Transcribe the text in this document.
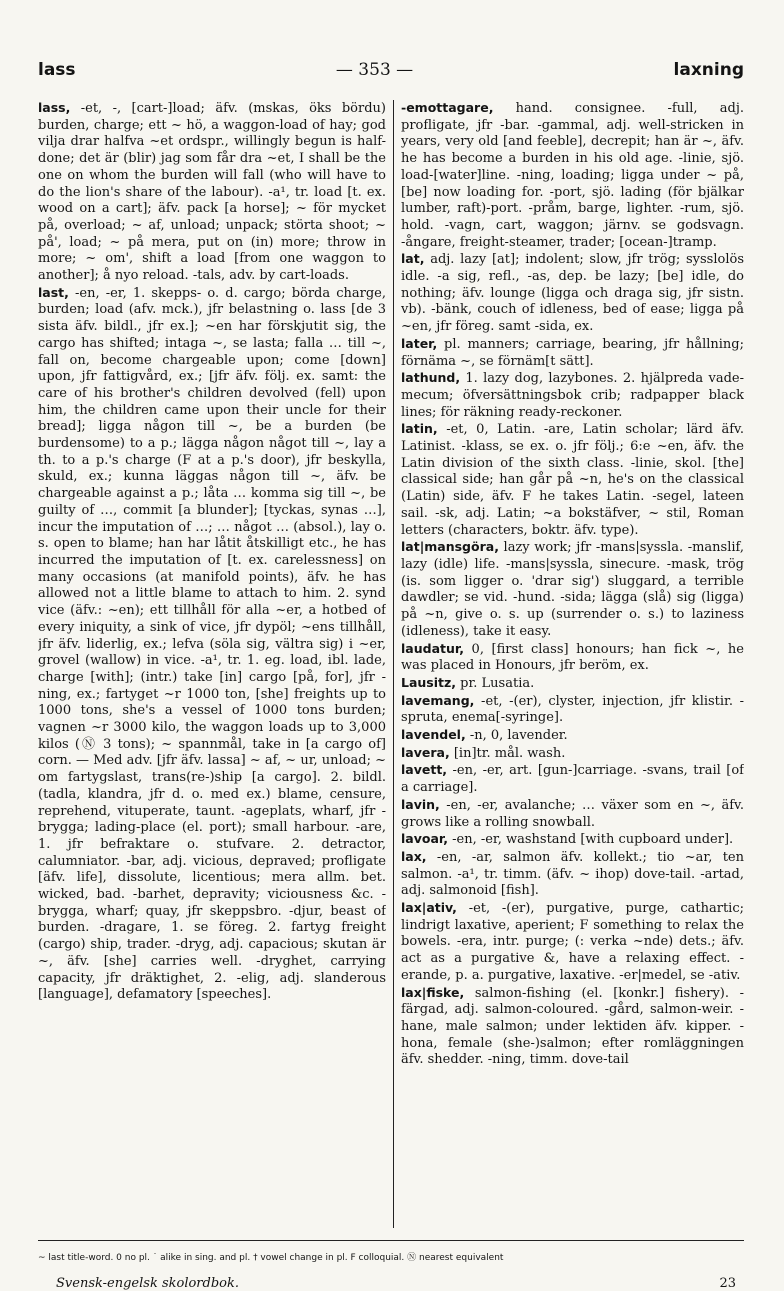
lass	— 353 —	laxning

lass, -et, -, [cart-]load; äfv. (mskas, öks bördu) burden, charge; ett ~ hö, a waggon-load of hay; god vilja drar halfva ~et ordspr., willingly begun is half-done; det är (blir) jag som får dra ~et, I shall be the one on whom the burden will fall (who will have to do the lion's share of the labour). -a¹, tr. load [t. ex. wood on a cart]; äfv. pack [a horse]; ~ för mycket på, overload; ~ af, unload; unpack; störta shoot; ~ på', load; ~ på mera, put on (in) more; throw in more; ~ om', shift a load [from one waggon to another]; å nyo reload. -tals, adv. by cart-loads.

last, -en, -er, 1. skepps- o. d. cargo; börda charge, burden; load (afv. mck.), jfr belastning o. lass [de 3 sista äfv. bildl., jfr ex.]; ~en har förskjutit sig, the cargo has shifted; intaga ~, se lasta; falla … till ~, fall on, become chargeable upon; come [down] upon, jfr fattigvård, ex.; [jfr äfv. följ. ex. samt: the care of his brother's children devolved (fell) upon him, the children came upon their uncle for their bread]; ligga någon till ~, be a burden (be burdensome) to a p.; lägga någon något till ~, lay a th. to a p.'s charge (F at a p.'s door), jfr beskylla, skuld, ex.; kunna läggas någon till ~, äfv. be chargeable against a p.; låta … komma sig till ~, be guilty of …, commit [a blunder]; [tyckas, synas …], incur the imputation of …; … något … (absol.), lay o. s. open to blame; han har låtit åtskilligt etc., he has incurred the imputation of [t. ex. carelessness] on many occasions (at manifold points), äfv. he has allowed not a little blame to attach to him. 2. synd vice (äfv.: ~en); ett tillhåll för alla ~er, a hotbed of every iniquity, a sink of vice, jfr dypöl; ~ens tillhåll, jfr äfv. liderlig, ex.; lefva (söla sig, vältra sig) i ~er, grovel (wallow) in vice. -a¹, tr. 1. eg. load, ibl. lade, charge [with]; (intr.) take [in] cargo [på, for], jfr -ning, ex.; fartyget ~r 1000 ton, [she] freights up to 1000 tons, she's a vessel of 1000 tons burden; vagnen ~r 3000 kilo, the waggon loads up to 3,000 kilos (Ⓝ 3 tons); ~ spannmål, take in [a cargo of] corn. — Med adv. [jfr äfv. lassa] ~ af, ~ ur, unload; ~ om fartygslast, trans(re-)ship [a cargo]. 2. bildl. (tadla, klandra, jfr d. o. med ex.) blame, censure, reprehend, vituperate, taunt. -ageplats, wharf, jfr -brygga; lading-place (el. port); small harbour. -are, 1. jfr befraktare o. stufvare. 2. detractor, calumniator. -bar, adj. vicious, depraved; profligate [äfv. life], dissolute, licentious; mera allm. bet. wicked, bad. -barhet, depravity; viciousness &c. -brygga, wharf; quay, jfr skeppsbro. -djur, beast of burden. -dragare, 1. se föreg. 2. fartyg freight (cargo) ship, trader. -dryg, adj. capacious; skutan är ~, äfv. [she] carries well. -dryghet, carrying capacity, jfr dräktighet, 2. -elig, adj. slanderous [language], defamatory [speeches].

-emottagare, hand. consignee. -full, adj. profligate, jfr -bar. -gammal, adj. well-stricken in years, very old [and feeble], decrepit; han är ~, äfv. he has become a burden in his old age. -linie, sjö. load-[water]line. -ning, loading; ligga under ~ på, [be] now loading for. -port, sjö. lading (för bjälkar lumber, raft)-port. -pråm, barge, lighter. -rum, sjö. hold. -vagn, cart, waggon; järnv. se godsvagn. -ångare, freight-steamer, trader; [ocean-]tramp.

lat, adj. lazy [at]; indolent; slow, jfr trög; sysslolös idle. -a sig, refl., -as, dep. be lazy; [be] idle, do nothing; äfv. lounge (ligga och draga sig, jfr sistn. vb). -bänk, couch of idleness, bed of ease; ligga på ~en, jfr föreg. samt -sida, ex.

later, pl. manners; carriage, bearing, jfr hållning; förnäma ~, se förnäm[t sätt].

lathund, 1. lazy dog, lazybones. 2. hjälpreda vade-mecum; öfversättningsbok crib; radpapper black lines; för räkning ready-reckoner.

latin, -et, 0, Latin. -are, Latin scholar; lärd äfv. Latinist. -klass, se ex. o. jfr följ.; 6:e ~en, äfv. the Latin division of the sixth class. -linie, skol. [the] classical side; han går på ~n, he's on the classical (Latin) side, äfv. F he takes Latin. -segel, lateen sail. -sk, adj. Latin; ~a bokstäfver, ~ stil, Roman letters (characters, boktr. äfv. type).

lat|mansgöra, lazy work; jfr -mans|syssla. -manslif, lazy (idle) life. -mans|syssla, sinecure. -mask, trög (is. som ligger o. 'drar sig') sluggard, a terrible dawdler; se vid. -hund. -sida; lägga (slå) sig (ligga) på ~n, give o. s. up (surrender o. s.) to laziness (idleness), take it easy.

laudatur, 0, [first class] honours; han fick ~, he was placed in Honours, jfr beröm, ex.

Lausitz, pr. Lusatia.

lavemang, -et, -(er), clyster, injection, jfr klistir. -spruta, enema[-syringe].

lavendel, -n, 0, lavender.

lavera, [in]tr. mål. wash.

lavett, -en, -er, art. [gun-]carriage. -svans, trail [of a carriage].

lavin, -en, -er, avalanche; … växer som en ~, äfv. grows like a rolling snowball.

lavoar, -en, -er, washstand [with cupboard under].

lax, -en, -ar, salmon äfv. kollekt.; tio ~ar, ten salmon. -a¹, tr. timm. (äfv. ~ ihop) dove-tail. -artad, adj. salmonoid [fish].

lax|ativ, -et, -(er), purgative, purge, cathartic; lindrigt laxative, aperient; F something to relax the bowels. -era, intr. purge; (: verka ~nde) dets.; äfv. act as a purgative &, have a relaxing effect. -erande, p. a. purgative, laxative. -er|medel, se -ativ.

lax|fiske, salmon-fishing (el. [konkr.] fishery). -färgad, adj. salmon-coloured. -gård, salmon-weir. -hane, male salmon; under lektiden äfv. kipper. -hona, female (she-)salmon; efter romläggningen äfv. shedder. -ning, timm. dove-tail

~ last title-word. 0 no pl. ˙ alike in sing. and pl. † vowel change in pl. F colloquial. Ⓝ nearest equivalent
Svensk-engelsk skolordbok.	23
